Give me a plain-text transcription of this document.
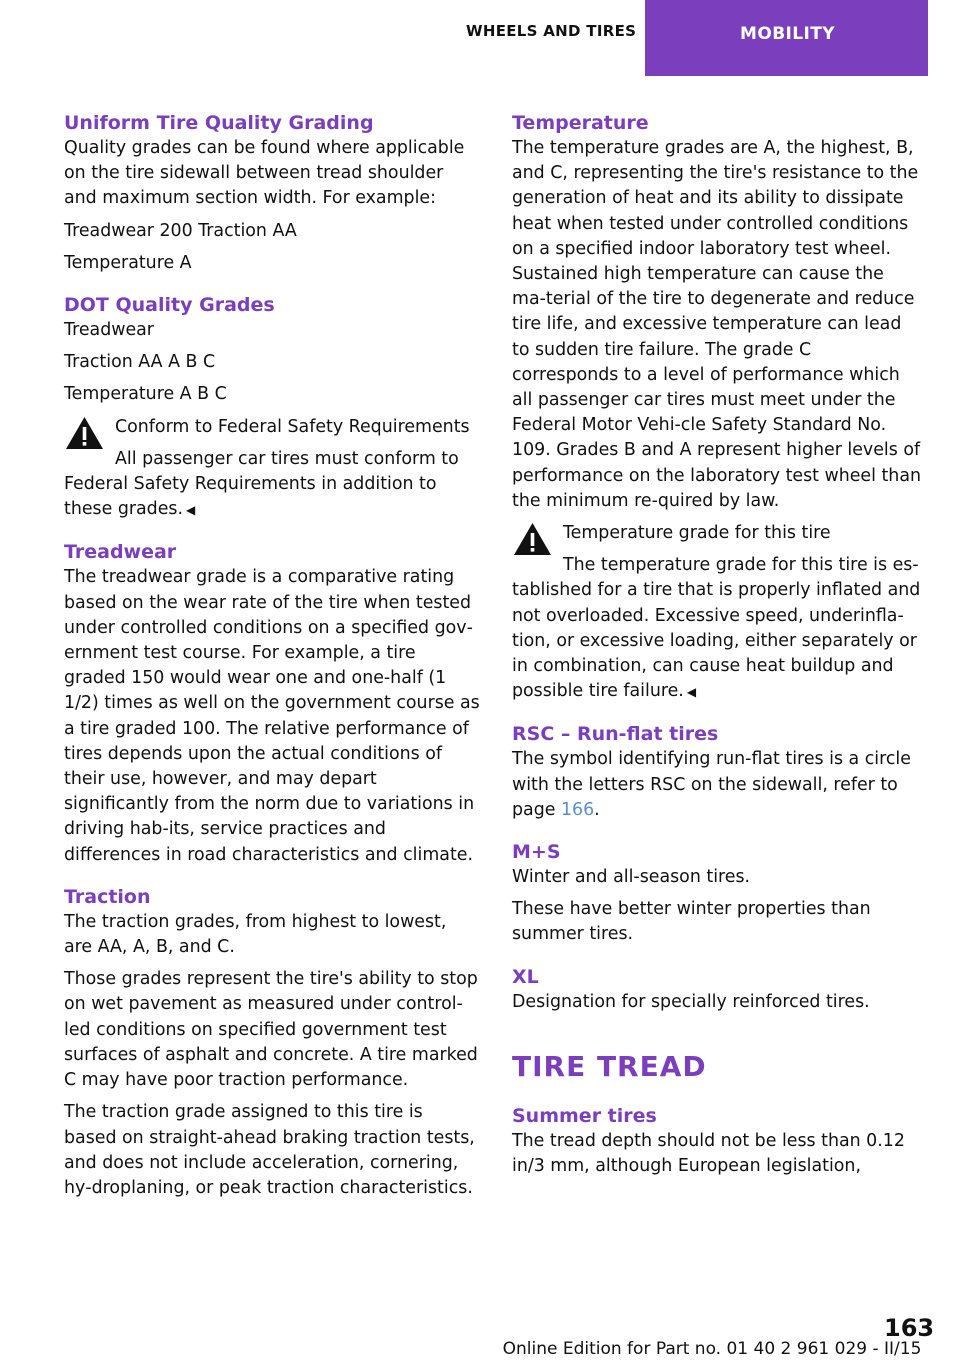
WHEELS AND TIRES	MOBILITY
Uniform Tire Quality Grading

Quality grades can be found where applicable on the tire sidewall between tread shoulder and maximum section width. For example:

Treadwear 200 Traction AA

Temperature A

DOT Quality Grades

Treadwear

Traction AA A B C

Temperature A B C

Conform to Federal Safety Requirements

All passenger car tires must conform to Federal Safety Requirements in addition to these grades. ◀

Treadwear

The treadwear grade is a comparative rating based on the wear rate of the tire when tested under controlled conditions on a specified gov‐ernment test course. For example, a tire graded 150 would wear one and one-half (1 1/2) times as well on the government course as a tire graded 100. The relative performance of tires depends upon the actual conditions of their use, however, and may depart significantly from the norm due to variations in driving hab‐its, service practices and differences in road characteristics and climate.

Traction

The traction grades, from highest to lowest, are AA, A, B, and C.

Those grades represent the tire's ability to stop on wet pavement as measured under control‐led conditions on specified government test surfaces of asphalt and concrete. A tire marked C may have poor traction performance.

The traction grade assigned to this tire is based on straight-ahead braking traction tests, and does not include acceleration, cornering, hy‐droplaning, or peak traction characteristics.

Temperature

The temperature grades are A, the highest, B, and C, representing the tire's resistance to the generation of heat and its ability to dissipate heat when tested under controlled conditions on a specified indoor laboratory test wheel. Sustained high temperature can cause the ma‐terial of the tire to degenerate and reduce tire life, and excessive temperature can lead to sudden tire failure. The grade C corresponds to a level of performance which all passenger car tires must meet under the Federal Motor Vehi‐cle Safety Standard No. 109. Grades B and A represent higher levels of performance on the laboratory test wheel than the minimum re‐quired by law.

Temperature grade for this tire

The temperature grade for this tire is es‐tablished for a tire that is properly inflated and not overloaded. Excessive speed, underinfla‐tion, or excessive loading, either separately or in combination, can cause heat buildup and possible tire failure. ◀

RSC – Run-flat tires

The symbol identifying run-flat tires is a circle with the letters RSC on the sidewall, refer to page 166.

M+S

Winter and all-season tires.

These have better winter properties than summer tires.

XL

Designation for specially reinforced tires.

TIRE TREAD
Summer tires

The tread depth should not be less than 0.12 in/3 mm, although European legislation,

163
Online Edition for Part no. 01 40 2 961 029 - II/15
